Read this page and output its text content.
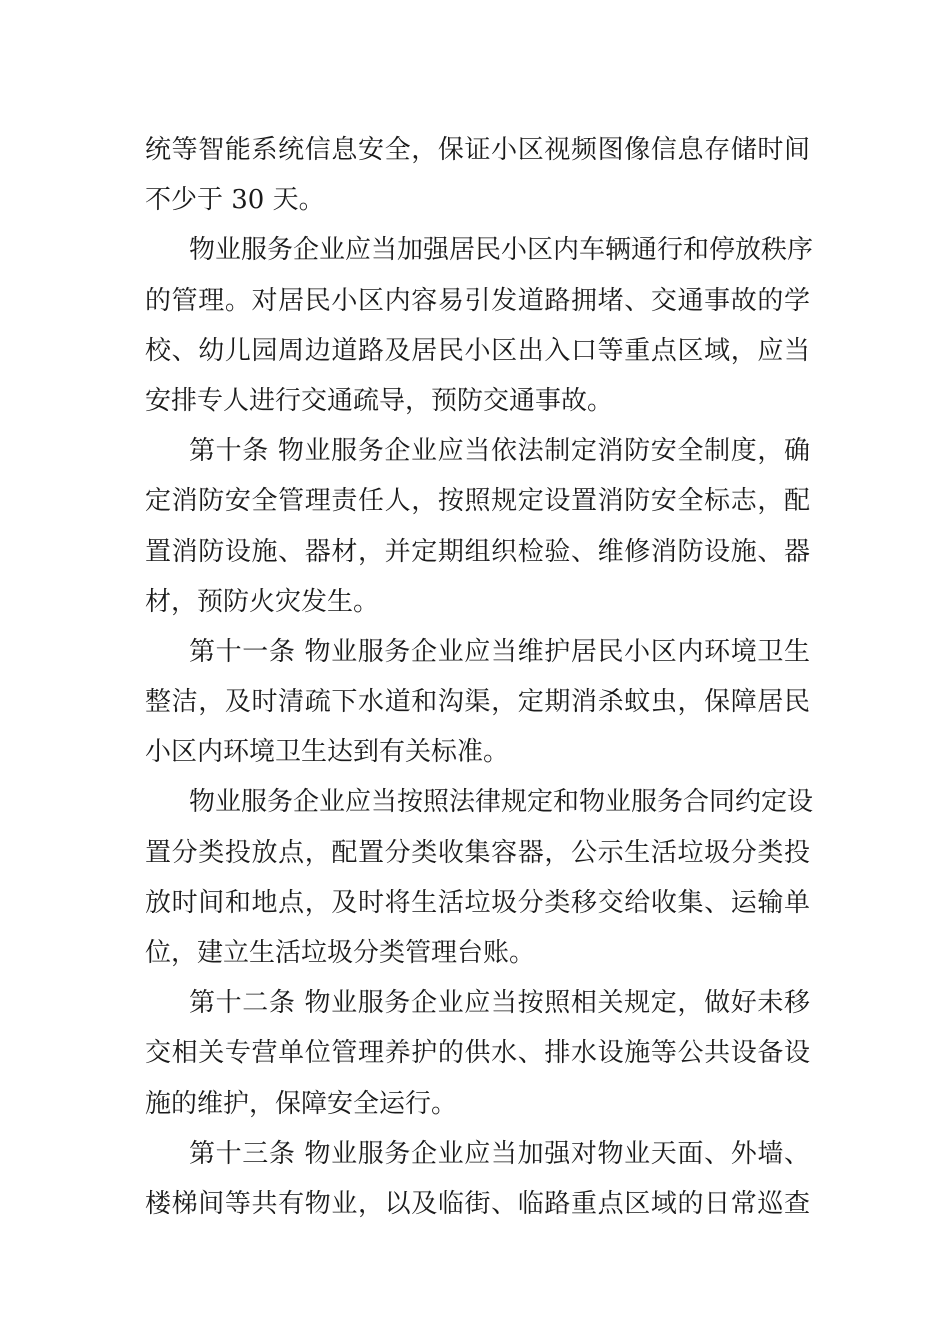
统等智能系统信息安全，保证小区视频图像信息存储时间
不少于 30 天。
物业服务企业应当加强居民小区内车辆通行和停放秩序
的管理。对居民小区内容易引发道路拥堵、交通事故的学
校、幼儿园周边道路及居民小区出入口等重点区域，应当
安排专人进行交通疏导，预防交通事故。
第十条 物业服务企业应当依法制定消防安全制度，确
定消防安全管理责任人，按照规定设置消防安全标志，配
置消防设施、器材，并定期组织检验、维修消防设施、器
材，预防火灾发生。
第十一条 物业服务企业应当维护居民小区内环境卫生
整洁，及时清疏下水道和沟渠，定期消杀蚊虫，保障居民
小区内环境卫生达到有关标准。
物业服务企业应当按照法律规定和物业服务合同约定设
置分类投放点，配置分类收集容器，公示生活垃圾分类投
放时间和地点，及时将生活垃圾分类移交给收集、运输单
位，建立生活垃圾分类管理台账。
第十二条 物业服务企业应当按照相关规定，做好未移
交相关专营单位管理养护的供水、排水设施等公共设备设
施的维护，保障安全运行。
第十三条 物业服务企业应当加强对物业天面、外墙、
楼梯间等共有物业，以及临街、临路重点区域的日常巡查
